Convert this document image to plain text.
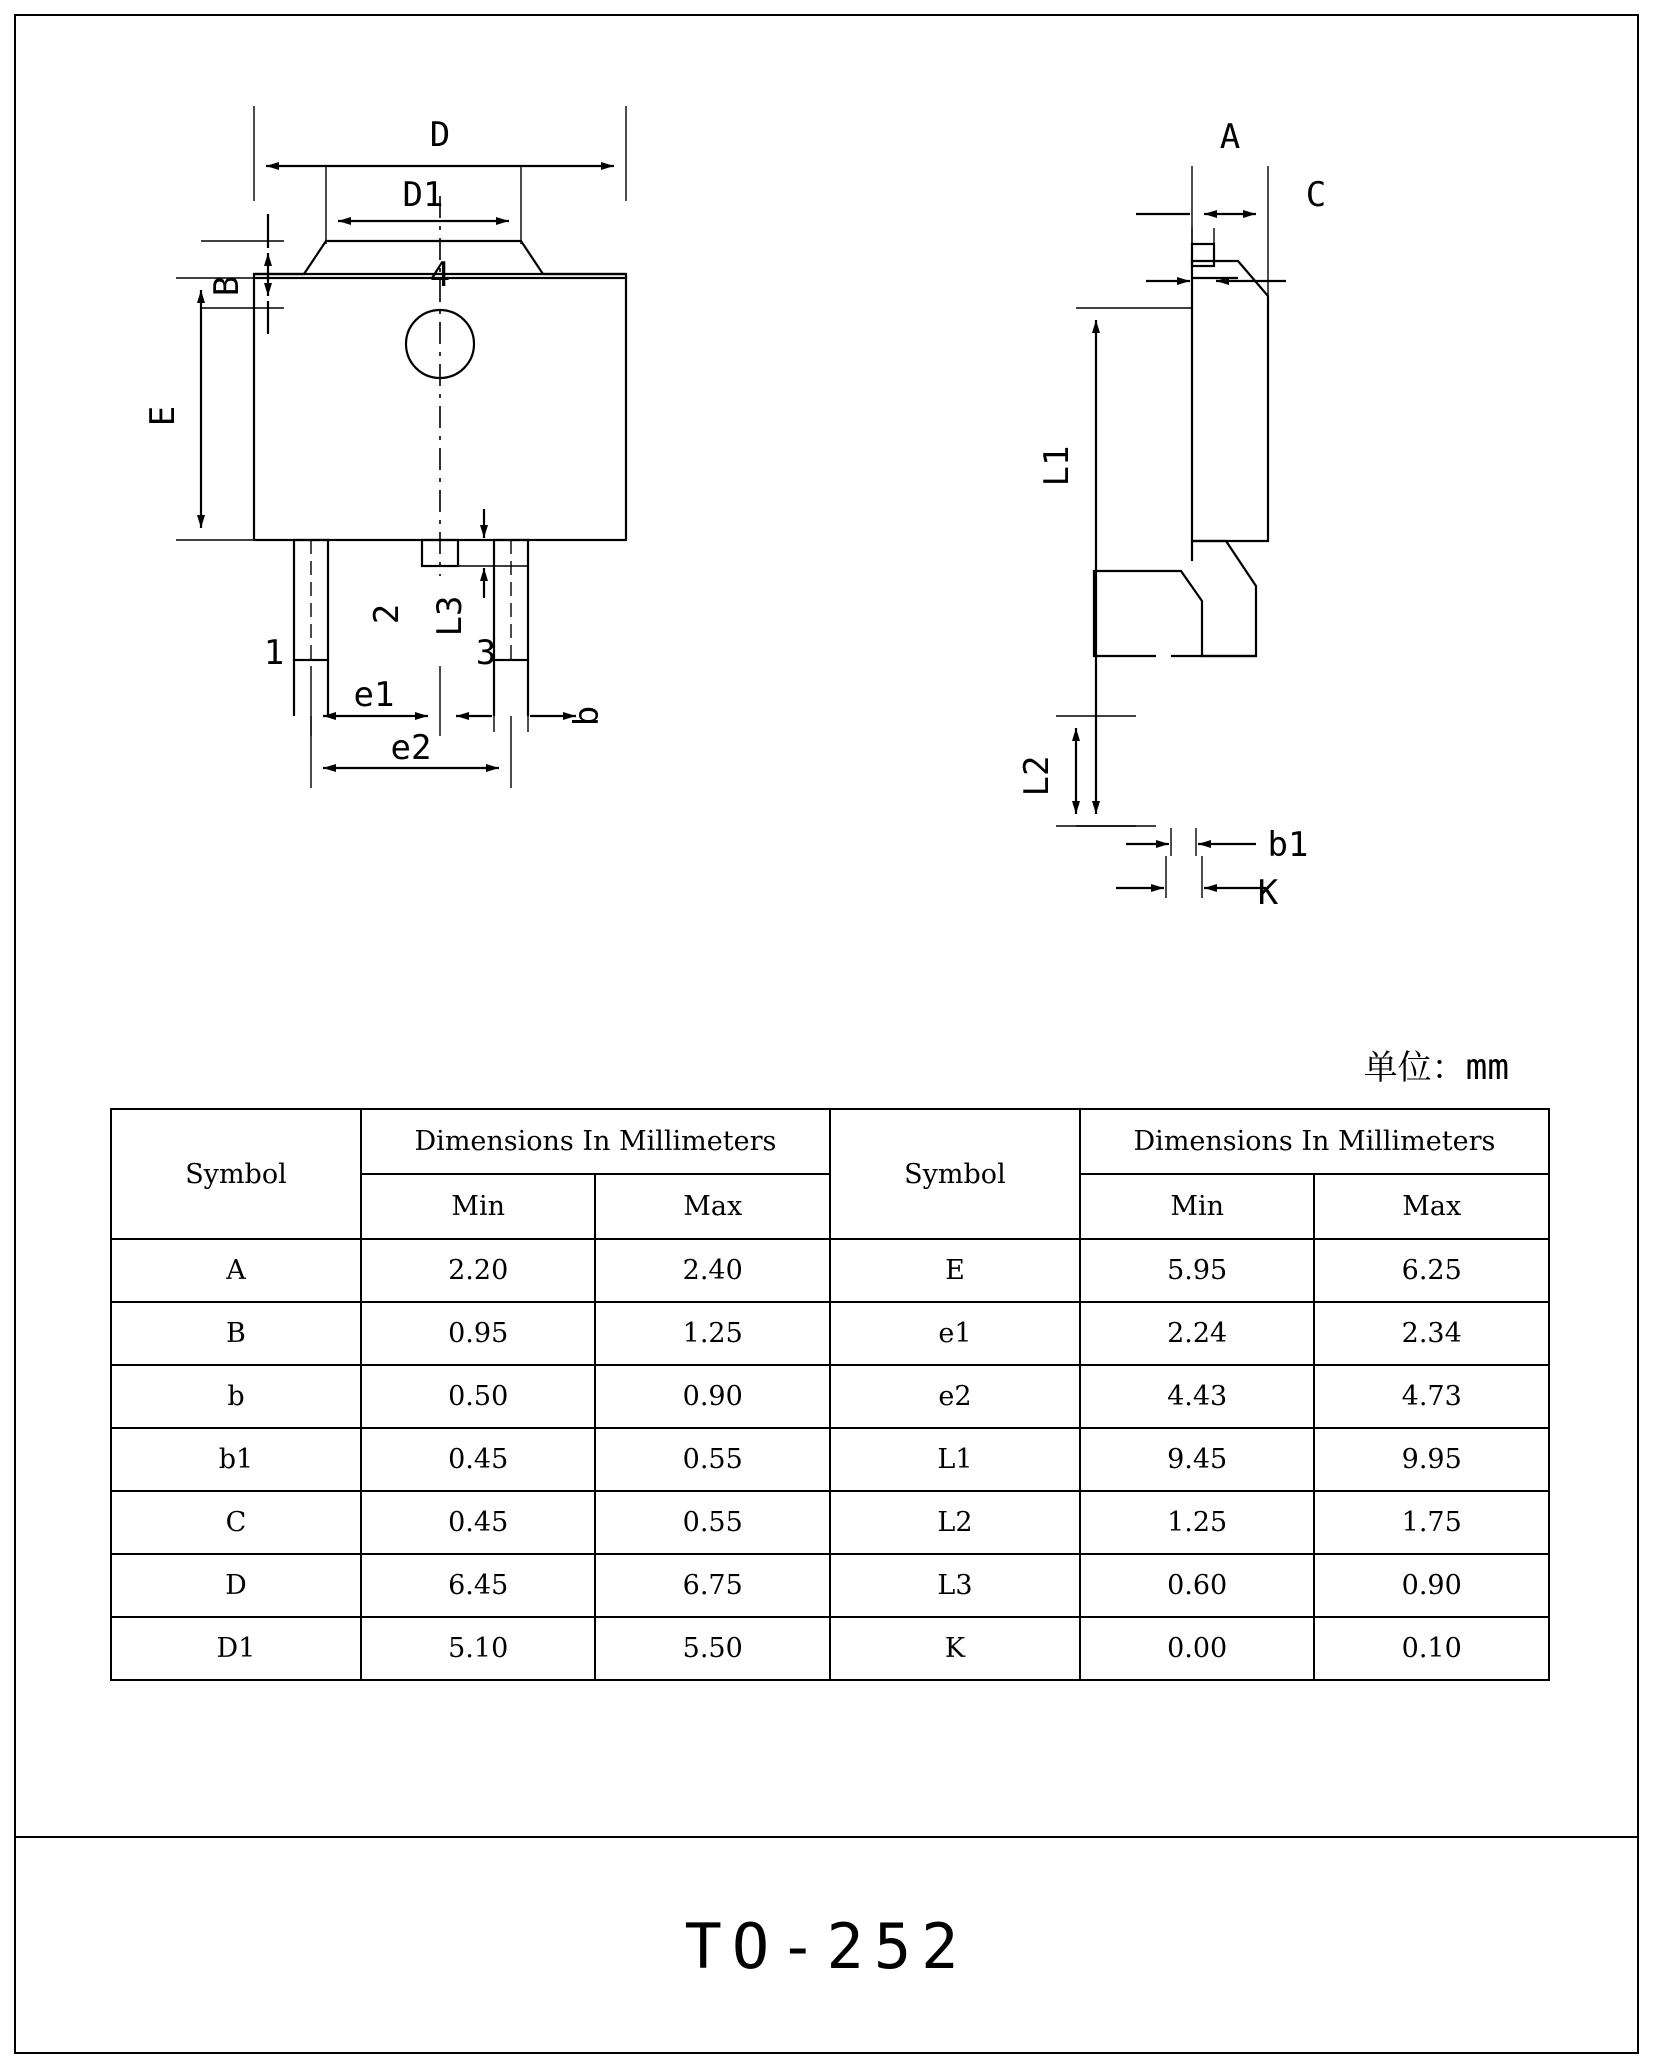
D
D1
B
E
L3
e1
e2
b
1
2
3
4
A
C
L1
L2
b1
K
单位：mm
Symbol	Dimensions In Millimeters		Symbol	Dimensions In Millimeters	
	Min	Max		Min	Max
A	2.20	2.40	E	5.95	6.25
B	0.95	1.25	e1	2.24	2.34
b	0.50	0.90	e2	4.43	4.73
b1	0.45	0.55	L1	9.45	9.95
C	0.45	0.55	L2	1.25	1.75
D	6.45	6.75	L3	0.60	0.90
D1	5.10	5.50	K	0.00	0.10
TO-252
